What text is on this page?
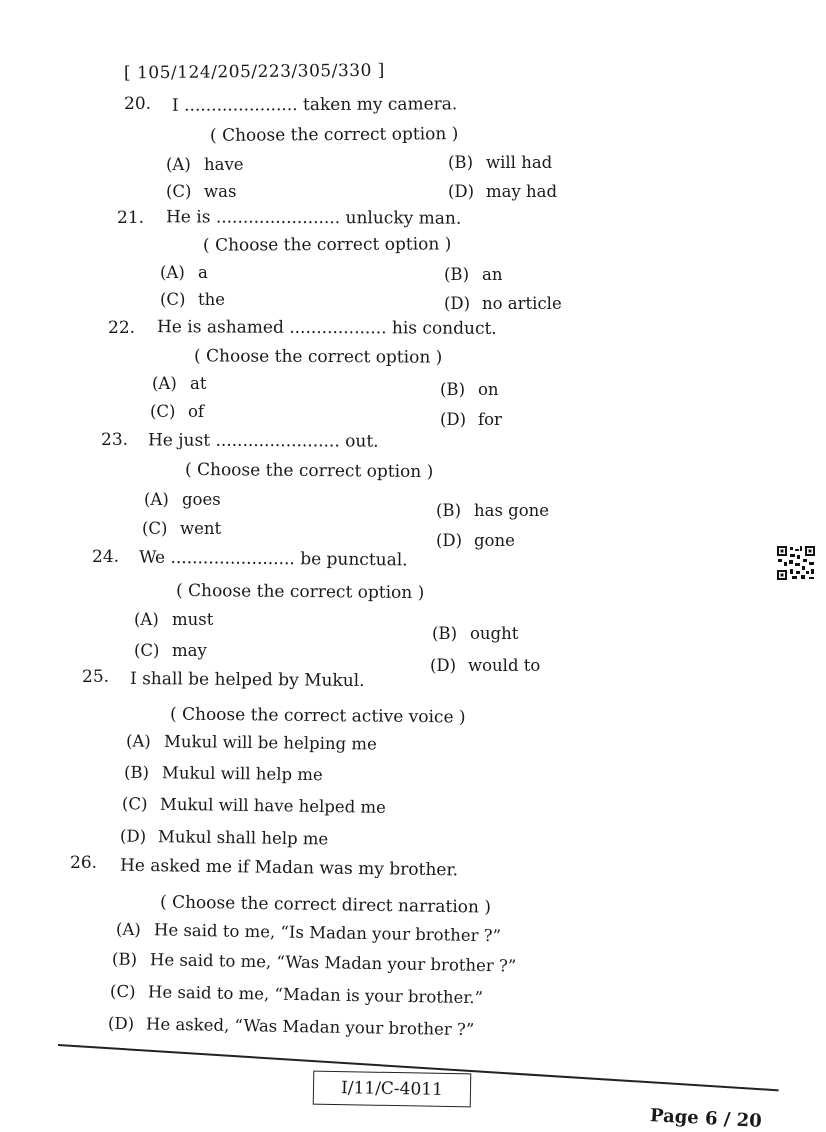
[ 105/124/205/223/305/330 ]
20. I ..................... taken my camera.
( Choose the correct option )
(A) have	(B) will had
(C) was	(D) may had
21. He is ....................... unlucky man.
( Choose the correct option )
(A) a	(B) an
(C) the	(D) no article
22. He is ashamed .................. his conduct.
( Choose the correct option )
(A) at	(B) on
(C) of	(D) for
23. He just ....................... out.
( Choose the correct option )
(A) goes
(B) has gone
(C) went
(D) gone
24. We ....................... be punctual.
( Choose the correct option )
(A) must
(B) ought
(C) may
(D) would to
25. I shall be helped by Mukul.
( Choose the correct active voice )
(A) Mukul will be helping me
(B) Mukul will help me
(C) Mukul will have helped me
(D) Mukul shall help me
26. He asked me if Madan was my brother.
( Choose the correct direct narration )
(A) He said to me, “Is Madan your brother ?”
(B) He said to me, “Was Madan your brother ?”
(C) He said to me, “Madan is your brother.”
(D) He asked, “Was Madan your brother ?”
I/11/C-4011
Page 6 / 20
